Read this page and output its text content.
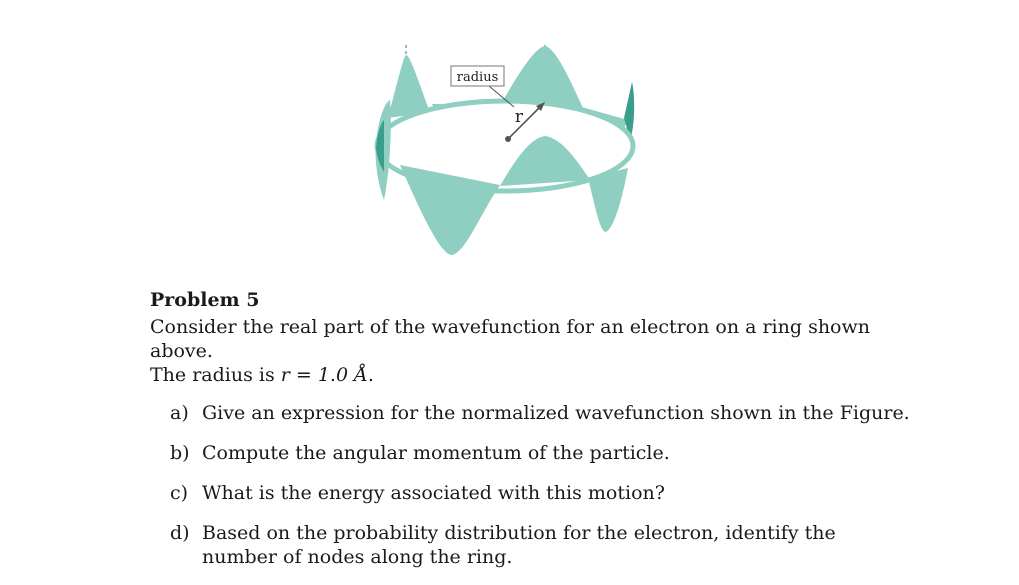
radius
r
Problem 5

Consider the real part of the wavefunction for an electron on a ring shown above.
The radius is r = 1.0 Å.

a) Give an expression for the normalized wavefunction shown in the Figure.
b) Compute the angular momentum of the particle.
c) What is the energy associated with this motion?
d) Based on the probability distribution for the electron, identify the number of nodes along the ring.
